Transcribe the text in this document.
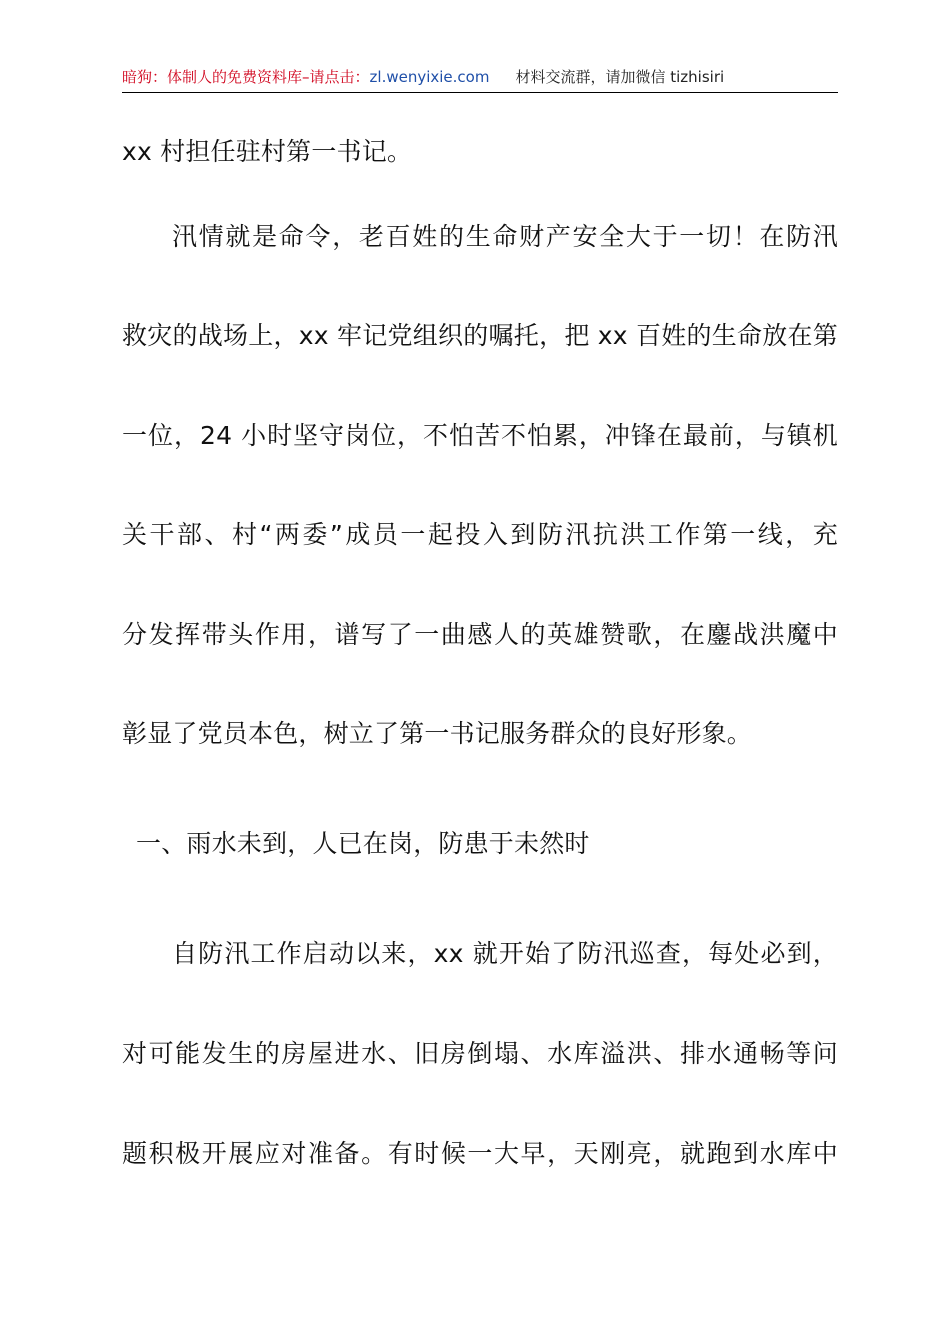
暗狗：体制人的免费资料库–请点击：zl.wenyixie.com 材料交流群，请加微信 tizhisiri
xx 村担任驻村第一书记。
汛情就是命令，老百姓的生命财产安全大于一切！在防汛
救灾的战场上，xx 牢记党组织的嘱托，把 xx 百姓的生命放在第
一位，24 小时坚守岗位，不怕苦不怕累，冲锋在最前，与镇机
关干部、村“两委”成员一起投入到防汛抗洪工作第一线，充
分发挥带头作用，谱写了一曲感人的英雄赞歌，在鏖战洪魔中
彰显了党员本色，树立了第一书记服务群众的良好形象。
一、雨水未到，人已在岗，防患于未然时
自防汛工作启动以来，xx 就开始了防汛巡查，每处必到，
对可能发生的房屋进水、旧房倒塌、水库溢洪、排水通畅等问
题积极开展应对准备。有时候一大早，天刚亮，就跑到水库中
